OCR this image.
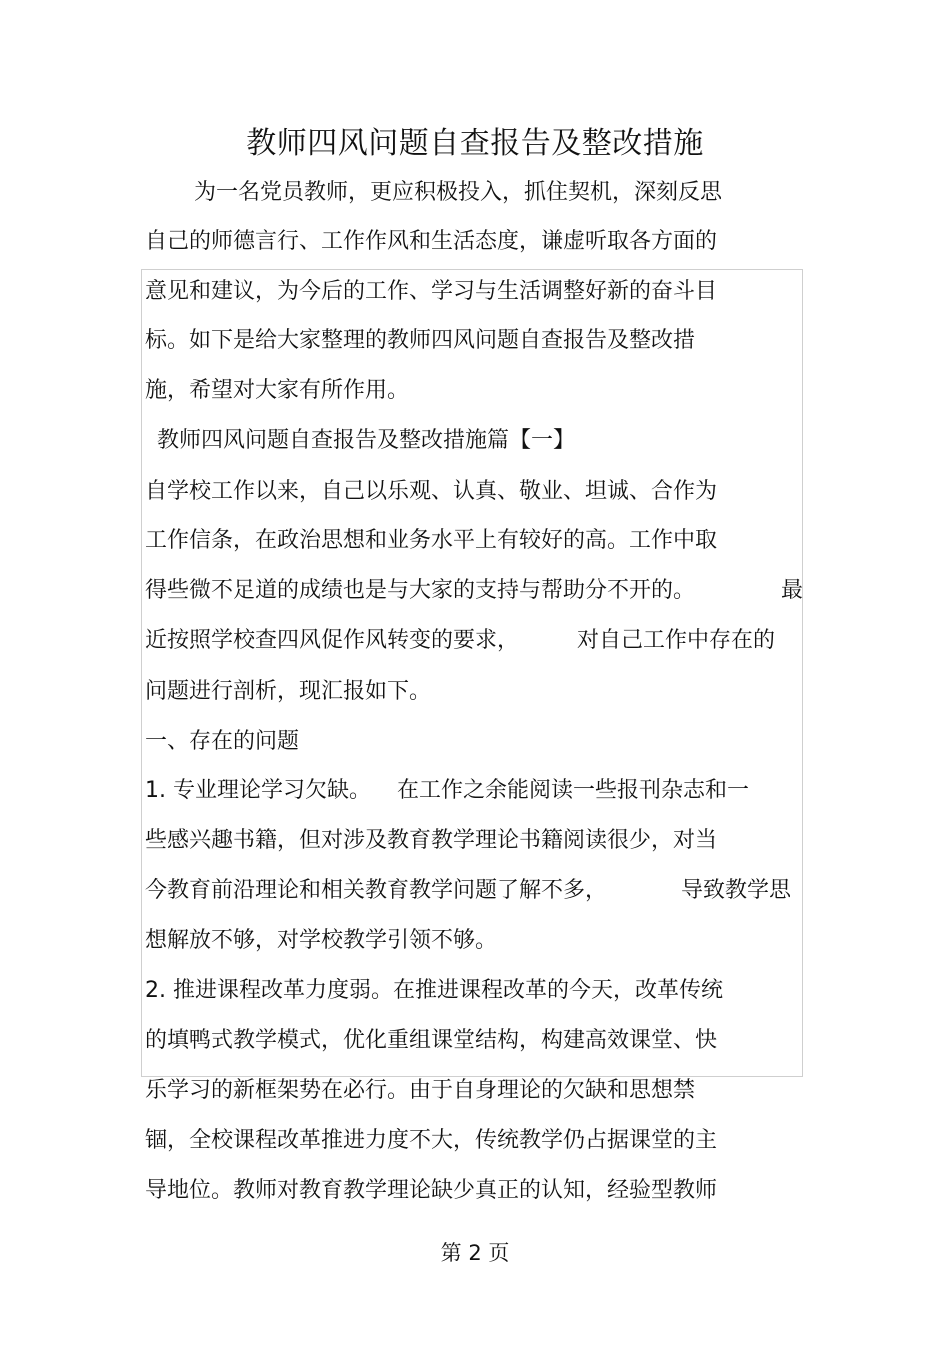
教师四风问题自查报告及整改措施
为一名党员教师，更应积极投入，抓住契机，深刻反思
自己的师德言行、工作作风和生活态度，谦虚听取各方面的
意见和建议，为今后的工作、学习与生活调整好新的奋斗目
标。如下是给大家整理的教师四风问题自查报告及整改措
施，希望对大家有所作用。
教师四风问题自查报告及整改措施篇【一】
自学校工作以来，自己以乐观、认真、敬业、坦诚、合作为
工作信条，在政治思想和业务水平上有较好的高。工作中取
得些微不足道的成绩也是与大家的支持与帮助分不开的。	最
近按照学校查四风促作风转变的要求，	对自己工作中存在的
问题进行剖析，现汇报如下。
一、存在的问题
1. 专业理论学习欠缺。 在工作之余能阅读一些报刊杂志和一
些感兴趣书籍，但对涉及教育教学理论书籍阅读很少，对当
今教育前沿理论和相关教育教学问题了解不多，	导致教学思
想解放不够，对学校教学引领不够。
2. 推进课程改革力度弱。在推进课程改革的今天，改革传统
的填鸭式教学模式，优化重组课堂结构，构建高效课堂、快
乐学习的新框架势在必行。由于自身理论的欠缺和思想禁
锢，全校课程改革推进力度不大，传统教学仍占据课堂的主
导地位。教师对教育教学理论缺少真正的认知，经验型教师
第 2 页
